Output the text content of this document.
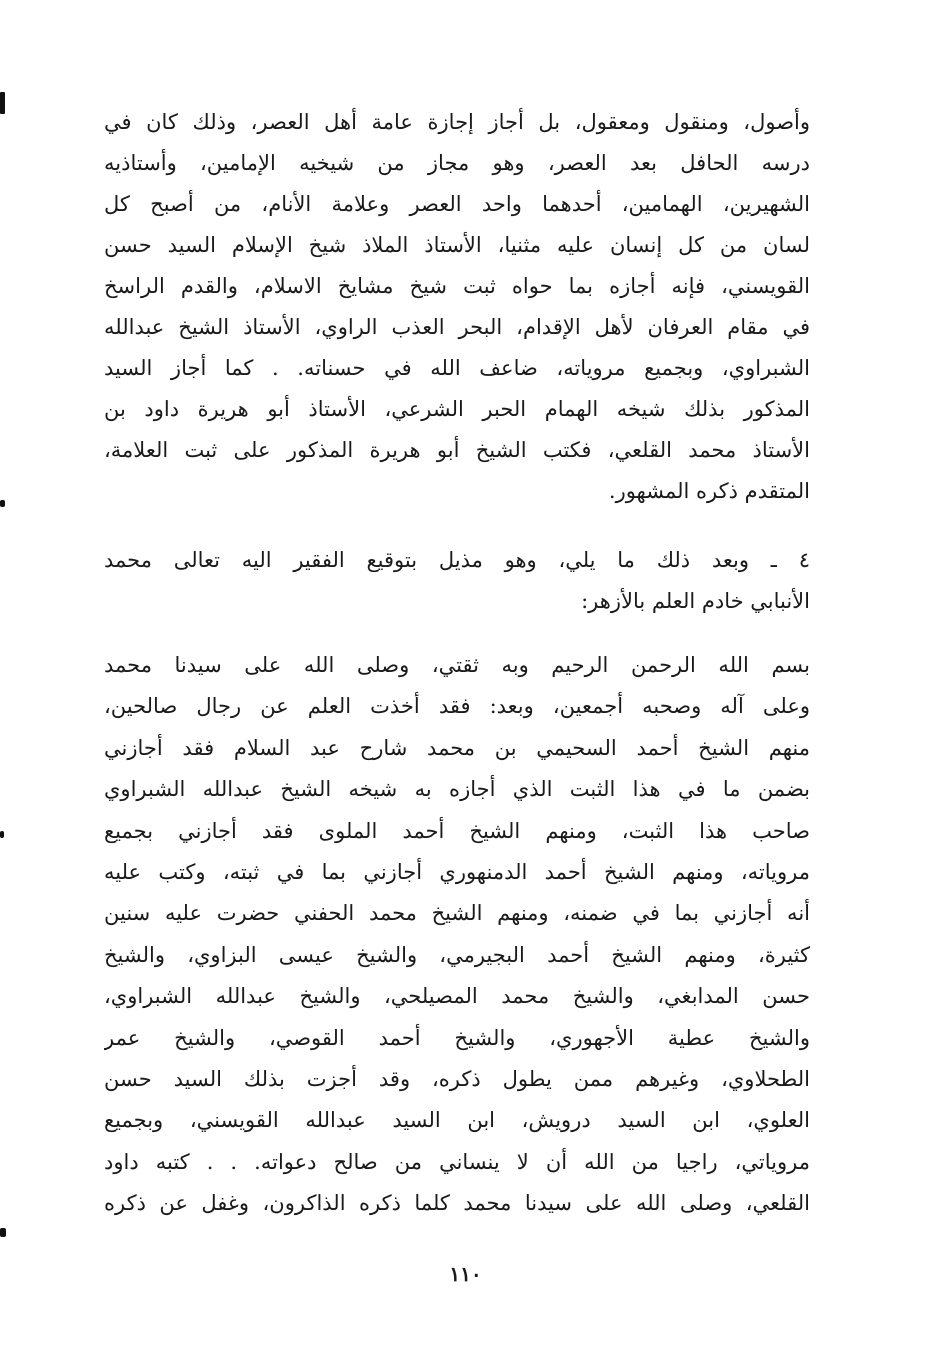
وأصول، ومنقول ومعقول، بل أجاز إجازة عامة أهل العصر، وذلك كان في
درسه الحافل بعد العصر، وهو مجاز من شيخيه الإمامين، وأستاذيه
الشهيرين، الهمامين، أحدهما واحد العصر وعلامة الأنام، من أصبح كل
لسان من كل إنسان عليه مثنيا، الأستاذ الملاذ شيخ الإسلام السيد حسن
القويسني، فإنه أجازه بما حواه ثبت شيخ مشايخ الاسلام، والقدم الراسخ
في مقام العرفان لأهل الإقدام، البحر العذب الراوي، الأستاذ الشيخ عبدالله
الشبراوي، وبجميع مروياته، ضاعف الله في حسناته. . كما أجاز السيد
المذكور بذلك شيخه الهمام الحبر الشرعي، الأستاذ أبو هريرة داود بن
الأستاذ محمد القلعي، فكتب الشيخ أبو هريرة المذكور على ثبت العلامة،
المتقدم ذكره المشهور.
٤ ـ وبعد ذلك ما يلي، وهو مذيل بتوقيع الفقير اليه تعالى محمد
الأنبابي خادم العلم بالأزهر:
بسم الله الرحمن الرحيم وبه ثقتي، وصلى الله على سيدنا محمد
وعلى آله وصحبه أجمعين، وبعد: فقد أخذت العلم عن رجال صالحين،
منهم الشيخ أحمد السحيمي بن محمد شارح عبد السلام فقد أجازني
بضمن ما في هذا الثبت الذي أجازه به شيخه الشيخ عبدالله الشبراوي
صاحب هذا الثبت، ومنهم الشيخ أحمد الملوى فقد أجازني بجميع
مروياته، ومنهم الشيخ أحمد الدمنهوري أجازني بما في ثبته، وكتب عليه
أنه أجازني بما في ضمنه، ومنهم الشيخ محمد الحفني حضرت عليه سنين
كثيرة، ومنهم الشيخ أحمد البجيرمي، والشيخ عيسى البزاوي، والشيخ
حسن المدابغي، والشيخ محمد المصيلحي، والشيخ عبدالله الشبراوي،
والشيخ عطية الأجهوري، والشيخ أحمد القوصي، والشيخ عمر
الطحلاوي، وغيرهم ممن يطول ذكره، وقد أجزت بذلك السيد حسن
العلوي، ابن السيد درويش، ابن السيد عبدالله القويسني، وبجميع
مروياتي، راجيا من الله أن لا ينساني من صالح دعواته. . . كتبه داود
القلعي، وصلى الله على سيدنا محمد كلما ذكره الذاكرون، وغفل عن ذكره
١١٠
